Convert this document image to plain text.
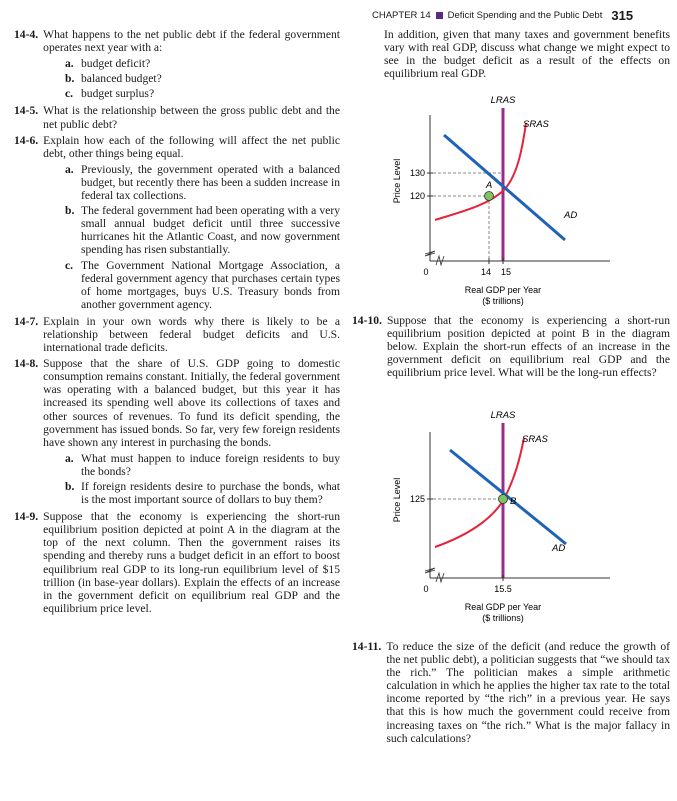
CHAPTER 14 Deficit Spending and the Public Debt 315
14-4. What happens to the net public debt if the federal government operates next year with a:
a. budget deficit?
b. balanced budget?
c. budget surplus?
14-5. What is the relationship between the gross public debt and the net public debt?
14-6. Explain how each of the following will affect the net public debt, other things being equal.
a. Previously, the government operated with a balanced budget, but recently there has been a sudden increase in federal tax collections.
b. The federal government had been operating with a very small annual budget deficit until three successive hurricanes hit the Atlantic Coast, and now government spending has risen substantially.
c. The Government National Mortgage Association, a federal government agency that purchases certain types of home mortgages, buys U.S. Treasury bonds from another government agency.
14-7. Explain in your own words why there is likely to be a relationship between federal budget deficits and U.S. international trade deficits.
14-8. Suppose that the share of U.S. GDP going to domestic consumption remains constant. Initially, the federal government was operating with a balanced budget, but this year it has increased its spending well above its collections of taxes and other sources of revenues. To fund its deficit spending, the government has issued bonds. So far, very few foreign residents have shown any interest in purchasing the bonds.
a. What must happen to induce foreign residents to buy the bonds?
b. If foreign residents desire to purchase the bonds, what is the most important source of dollars to buy them?
14-9. Suppose that the economy is experiencing the short-run equilibrium position depicted at point A in the diagram at the top of the next column. Then the government raises its spending and thereby runs a budget deficit in an effort to boost equilibrium real GDP to its long-run equilibrium level of $15 trillion (in base-year dollars). Explain the effects of an increase in the government deficit on equilibrium real GDP and the equilibrium price level.
In addition, given that many taxes and government benefits vary with real GDP, discuss what change we might expect to see in the budget deficit as a result of the effects on equilibrium real GDP.
LRAS
Price Level
0
130
120
14 15
SRAS
AD
A
Real GDP per Year
($ trillions)
14-10. Suppose that the economy is experiencing a short-run equilibrium position depicted at point B in the diagram below. Explain the short-run effects of an increase in the government deficit on equilibrium real GDP and the equilibrium price level. What will be the long-run effects?
LRAS
Price Level
0
125
15.5
SRAS
AD
B
Real GDP per Year
($ trillions)
14-11. To reduce the size of the deficit (and reduce the growth of the net public debt), a politician suggests that “we should tax the rich.” The politician makes a simple arithmetic calculation in which he applies the higher tax rate to the total income reported by “the rich” in a previous year. He says that this is how much the government could receive from increasing taxes on “the rich.” What is the major fallacy in such calculations?
